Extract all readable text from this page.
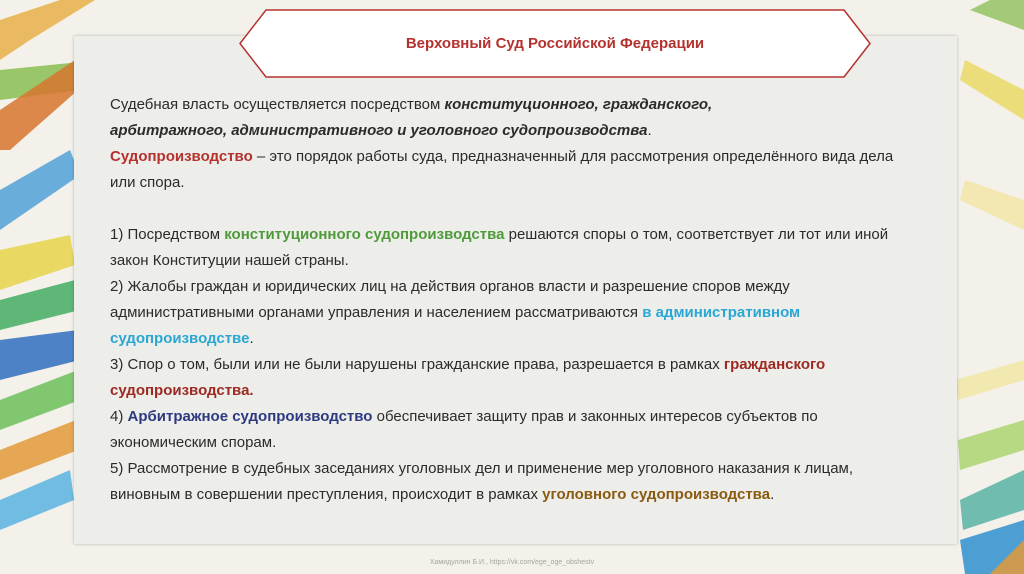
Верховный Суд Российской Федерации

Судебная власть осуществляется посредством конституционного, гражданского,
арбитражного, административного и уголовного судопроизводства.

Судопроизводство – это порядок работы суда, предназначенный для рассмотрения определённого вида дела или спора.

1) Посредством конституционного судопроизводства решаются споры о том, соответствует ли тот или иной закон Конституции нашей страны.

2) Жалобы граждан и юридических лиц на действия органов власти и разрешение споров между административными органами управления и населением рассматриваются в административном судопроизводстве.

3) Спор о том, были или не были нарушены гражданские права, разрешается в рамках гражданского судопроизводства.

4) Арбитражное судопроизводство обеспечивает защиту прав и законных интересов субъектов по экономическим спорам.

5) Рассмотрение в судебных заседаниях уголовных дел и применение мер уголовного наказания к лицам, виновным в совершении преступления, происходит в рамках уголовного судопроизводства.

Хамидуллин Б.И., https://vk.com/ege_oge_obshestv
